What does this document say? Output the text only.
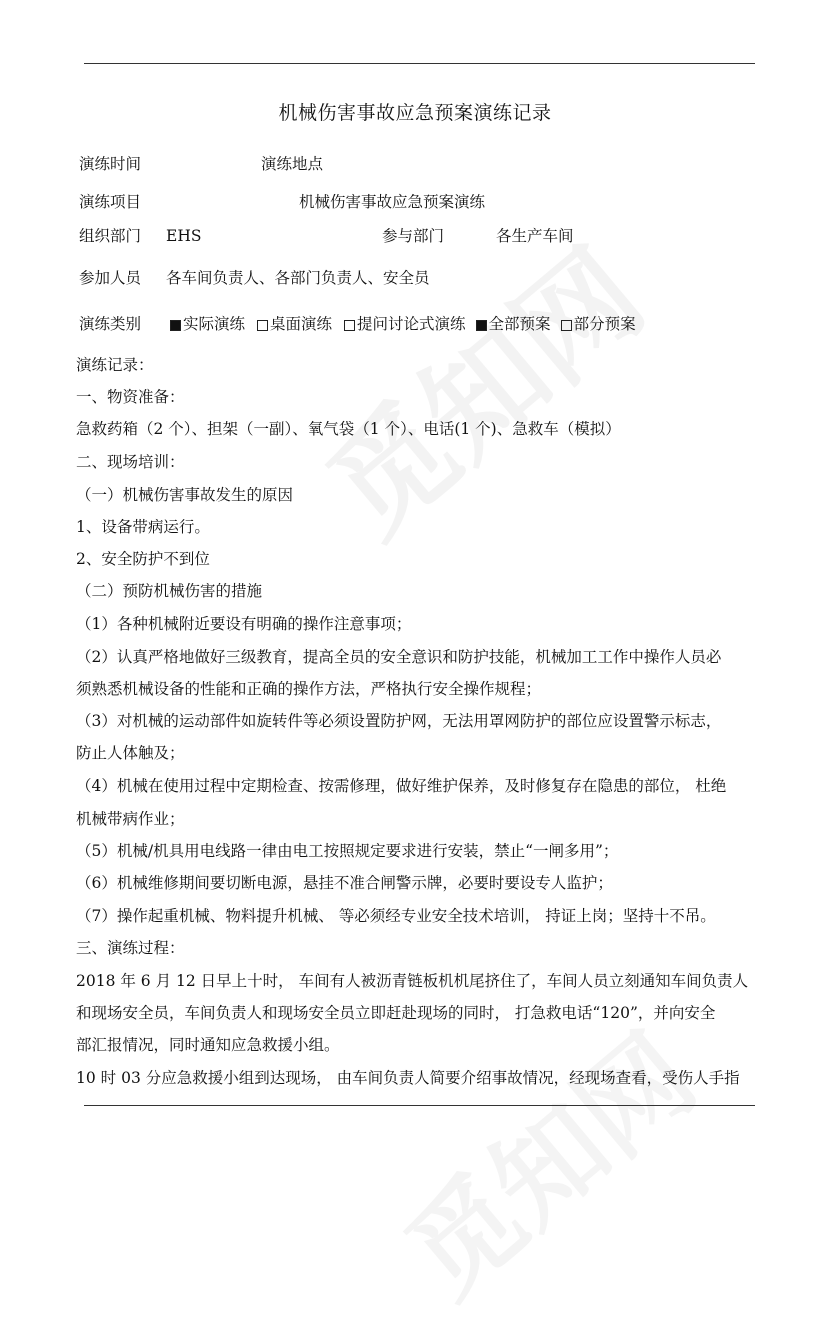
机械伤害事故应急预案演练记录
演练时间	演练地点
演练项目	机械伤害事故应急预案演练
组织部门 EHS	参与部门	各生产车间
参加人员 各车间负责人、各部门负责人、安全员
演练类别	实际演练	桌面演练	提问讨论式演练	全部预案	部分预案
演练记录：
一、物资准备：
急救药箱（2 个）、担架（一副）、氧气袋（1 个）、电话(1 个)、急救车（模拟）
二、现场培训：
（一）机械伤害事故发生的原因
1、设备带病运行。
2、安全防护不到位
（二）预防机械伤害的措施
（1）各种机械附近要设有明确的操作注意事项；
（2）认真严格地做好三级教育，提高全员的安全意识和防护技能，机械加工工作中操作人员必
须熟悉机械设备的性能和正确的操作方法，严格执行安全操作规程；
（3）对机械的运动部件如旋转件等必须设置防护网，无法用罩网防护的部位应设置警示标志，
防止人体触及；
（4）机械在使用过程中定期检查、按需修理，做好维护保养，及时修复存在隐患的部位， 杜绝
机械带病作业；
（5）机械/机具用电线路一律由电工按照规定要求进行安装，禁止“一闸多用”；
（6）机械维修期间要切断电源，悬挂不准合闸警示牌，必要时要设专人监护；
（7）操作起重机械、物料提升机械、 等必须经专业安全技术培训， 持证上岗；坚持十不吊。
三、演练过程：
2018 年 6 月 12 日早上十时， 车间有人被沥青链板机机尾挤住了，车间人员立刻通知车间负责人
和现场安全员，车间负责人和现场安全员立即赶赴现场的同时， 打急救电话“120”，并向安全
部汇报情况，同时通知应急救援小组。
10 时 03 分应急救援小组到达现场， 由车间负责人简要介绍事故情况，经现场查看，受伤人手指
